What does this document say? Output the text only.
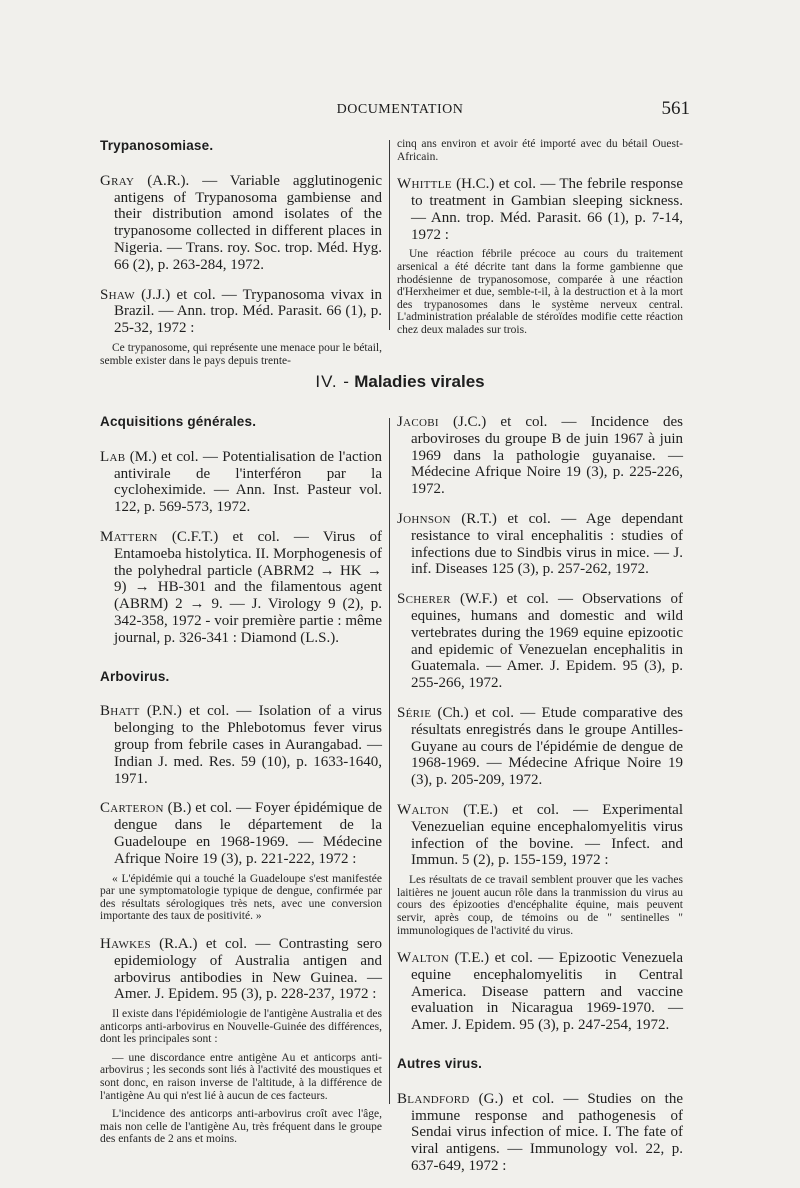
DOCUMENTATION	561
Trypanosomiase.
Gray (A.R.). — Variable agglutinogenic antigens of Trypanosoma gambiense and their distribution amond isolates of the trypanosome collected in different places in Nigeria. — Trans. roy. Soc. trop. Méd. Hyg. 66 (2), p. 263-284, 1972.
Shaw (J.J.) et col. — Trypanosoma vivax in Brazil. — Ann. trop. Méd. Parasit. 66 (1), p. 25-32, 1972 :

Ce trypanosome, qui représente une menace pour le bétail, semble exister dans le pays depuis trente-

cinq ans environ et avoir été importé avec du bétail Ouest-Africain.

Whittle (H.C.) et col. — The febrile response to treatment in Gambian sleeping sickness. — Ann. trop. Méd. Parasit. 66 (1), p. 7-14, 1972 :

Une réaction fébrile précoce au cours du traitement arsenical a été décrite tant dans la forme gambienne que rhodésienne de trypanosomose, comparée à une réaction d'Herxheimer et due, semble-t-il, à la destruction et à la mort des trypanosomes dans le système nerveux central. L'administration préalable de stéroïdes modifie cette réaction chez deux malades sur trois.

IV. - Maladies virales
Acquisitions générales.
Lab (M.) et col. — Potentialisation de l'action antivirale de l'interféron par la cycloheximide. — Ann. Inst. Pasteur vol. 122, p. 569-573, 1972.
Mattern (C.F.T.) et col. — Virus of Entamoeba histolytica. II. Morphogenesis of the polyhedral particle (ABRM2 → HK → 9) → HB-301 and the filamentous agent (ABRM) 2 → 9. — J. Virology 9 (2), p. 342-358, 1972 - voir première partie : même journal, p. 326-341 : Diamond (L.S.).
Arbovirus.
Bhatt (P.N.) et col. — Isolation of a virus belonging to the Phlebotomus fever virus group from febrile cases in Aurangabad. — Indian J. med. Res. 59 (10), p. 1633-1640, 1971.
Carteron (B.) et col. — Foyer épidémique de dengue dans le département de la Guadeloupe en 1968-1969. — Médecine Afrique Noire 19 (3), p. 221-222, 1972 :

« L'épidémie qui a touché la Guadeloupe s'est manifestée par une symptomatologie typique de dengue, confirmée par des résultats sérologiques très nets, avec une conversion importante des taux de positivité. »

Hawkes (R.A.) et col. — Contrasting sero epidemiology of Australia antigen and arbovirus antibodies in New Guinea. — Amer. J. Epidem. 95 (3), p. 228-237, 1972 :

Il existe dans l'épidémiologie de l'antigène Australia et des anticorps anti-arbovirus en Nouvelle-Guinée des différences, dont les principales sont :

— une discordance entre antigène Au et anticorps anti-arbovirus ; les seconds sont liés à l'activité des moustiques et sont donc, en raison inverse de l'altitude, à la différence de l'antigène Au qui n'est lié à aucun de ces facteurs.

L'incidence des anticorps anti-arbovirus croît avec l'âge, mais non celle de l'antigène Au, très fréquent dans le groupe des enfants de 2 ans et moins.

Jacobi (J.C.) et col. — Incidence des arboviroses du groupe B de juin 1967 à juin 1969 dans la pathologie guyanaise. — Médecine Afrique Noire 19 (3), p. 225-226, 1972.
Johnson (R.T.) et col. — Age dependant resistance to viral encephalitis : studies of infections due to Sindbis virus in mice. — J. inf. Diseases 125 (3), p. 257-262, 1972.
Scherer (W.F.) et col. — Observations of equines, humans and domestic and wild vertebrates during the 1969 equine epizootic and epidemic of Venezuelan encephalitis in Guatemala. — Amer. J. Epidem. 95 (3), p. 255-266, 1972.
Série (Ch.) et col. — Etude comparative des résultats enregistrés dans le groupe Antilles-Guyane au cours de l'épidémie de dengue de 1968-1969. — Médecine Afrique Noire 19 (3), p. 205-209, 1972.
Walton (T.E.) et col. — Experimental Venezuelian equine encephalomyelitis virus infection of the bovine. — Infect. and Immun. 5 (2), p. 155-159, 1972 :

Les résultats de ce travail semblent prouver que les vaches laitières ne jouent aucun rôle dans la tranmission du virus au cours des épizooties d'encéphalite équine, mais peuvent servir, après coup, de témoins ou de " sentinelles " immunologiques de l'activité du virus.

Walton (T.E.) et col. — Epizootic Venezuela equine encephalomyelitis in Central America. Disease pattern and vaccine evaluation in Nicaragua 1969-1970. — Amer. J. Epidem. 95 (3), p. 247-254, 1972.
Autres virus.
Blandford (G.) et col. — Studies on the immune response and pathogenesis of Sendai virus infection of mice. I. The fate of viral antigens. — Immunology vol. 22, p. 637-649, 1972 :
